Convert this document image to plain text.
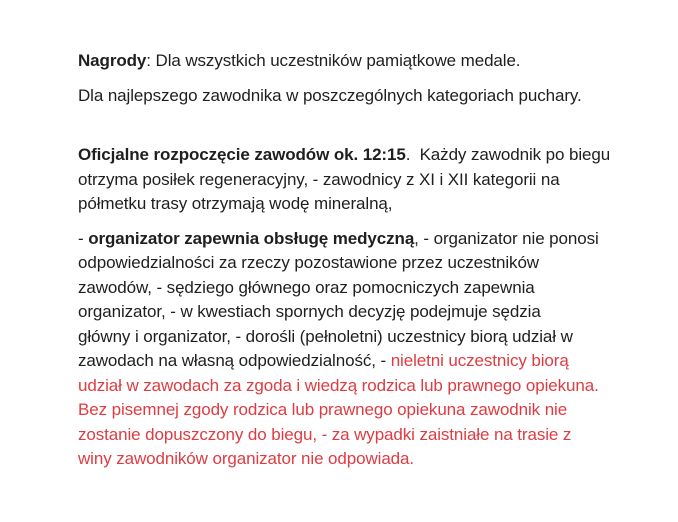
Nagrody: Dla wszystkich uczestników pamiątkowe medale.
Dla najlepszego zawodnika w poszczególnych kategoriach puchary.
Oficjalne rozpoczęcie zawodów ok. 12:15.  Każdy zawodnik po biegu
otrzyma posiłek regeneracyjny, - zawodnicy z XI i XII kategorii na
półmetku trasy otrzymają wodę mineralną,
- organizator zapewnia obsługę medyczną, - organizator nie ponosi
odpowiedzialności za rzeczy pozostawione przez uczestników
zawodów, - sędziego głównego oraz pomocniczych zapewnia
organizator, - w kwestiach spornych decyzję podejmuje sędzia
główny i organizator, - dorośli (pełnoletni) uczestnicy biorą udział w
zawodach na własną odpowiedzialność, - nieletni uczestnicy biorą
udział w zawodach za zgoda i wiedzą rodzica lub prawnego opiekuna.
Bez pisemnej zgody rodzica lub prawnego opiekuna zawodnik nie
zostanie dopuszczony do biegu, - za wypadki zaistniałe na trasie z
winy zawodników organizator nie odpowiada.
